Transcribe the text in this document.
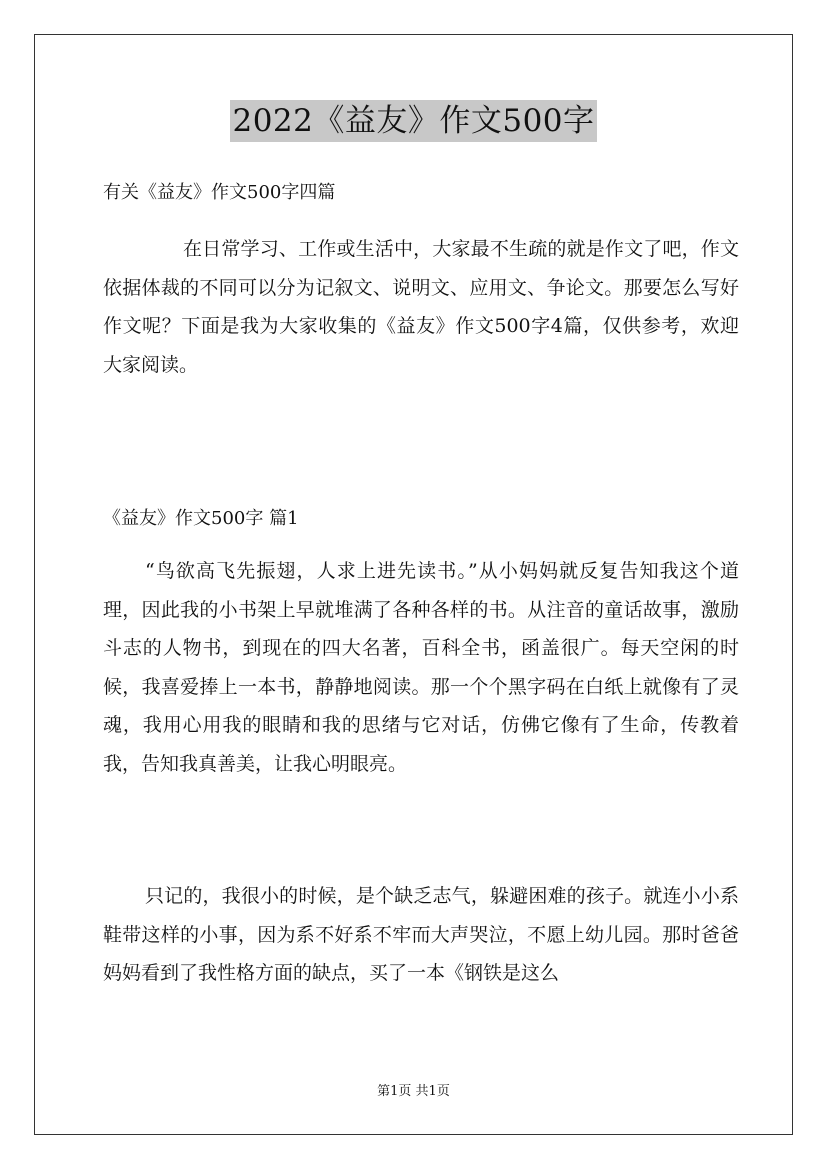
2022《益友》作文500字
有关《益友》作文500字四篇
在日常学习、工作或生活中，大家最不生疏的就是作文了吧，作文依据体裁的不同可以分为记叙文、说明文、应用文、争论文。那要怎么写好作文呢？下面是我为大家收集的《益友》作文500字4篇，仅供参考，欢迎大家阅读。
《益友》作文500字 篇1
“鸟欲高飞先振翅，人求上进先读书。”从小妈妈就反复告知我这个道理，因此我的小书架上早就堆满了各种各样的书。从注音的童话故事，激励斗志的人物书，到现在的四大名著，百科全书，函盖很广。每天空闲的时候，我喜爱捧上一本书，静静地阅读。那一个个黑字码在白纸上就像有了灵魂，我用心用我的眼睛和我的思绪与它对话，仿佛它像有了生命，传教着我，告知我真善美，让我心明眼亮。
只记的，我很小的时候，是个缺乏志气，躲避困难的孩子。就连小小系鞋带这样的小事，因为系不好系不牢而大声哭泣，不愿上幼儿园。那时爸爸妈妈看到了我性格方面的缺点，买了一本《钢铁是这么
第1页 共1页
